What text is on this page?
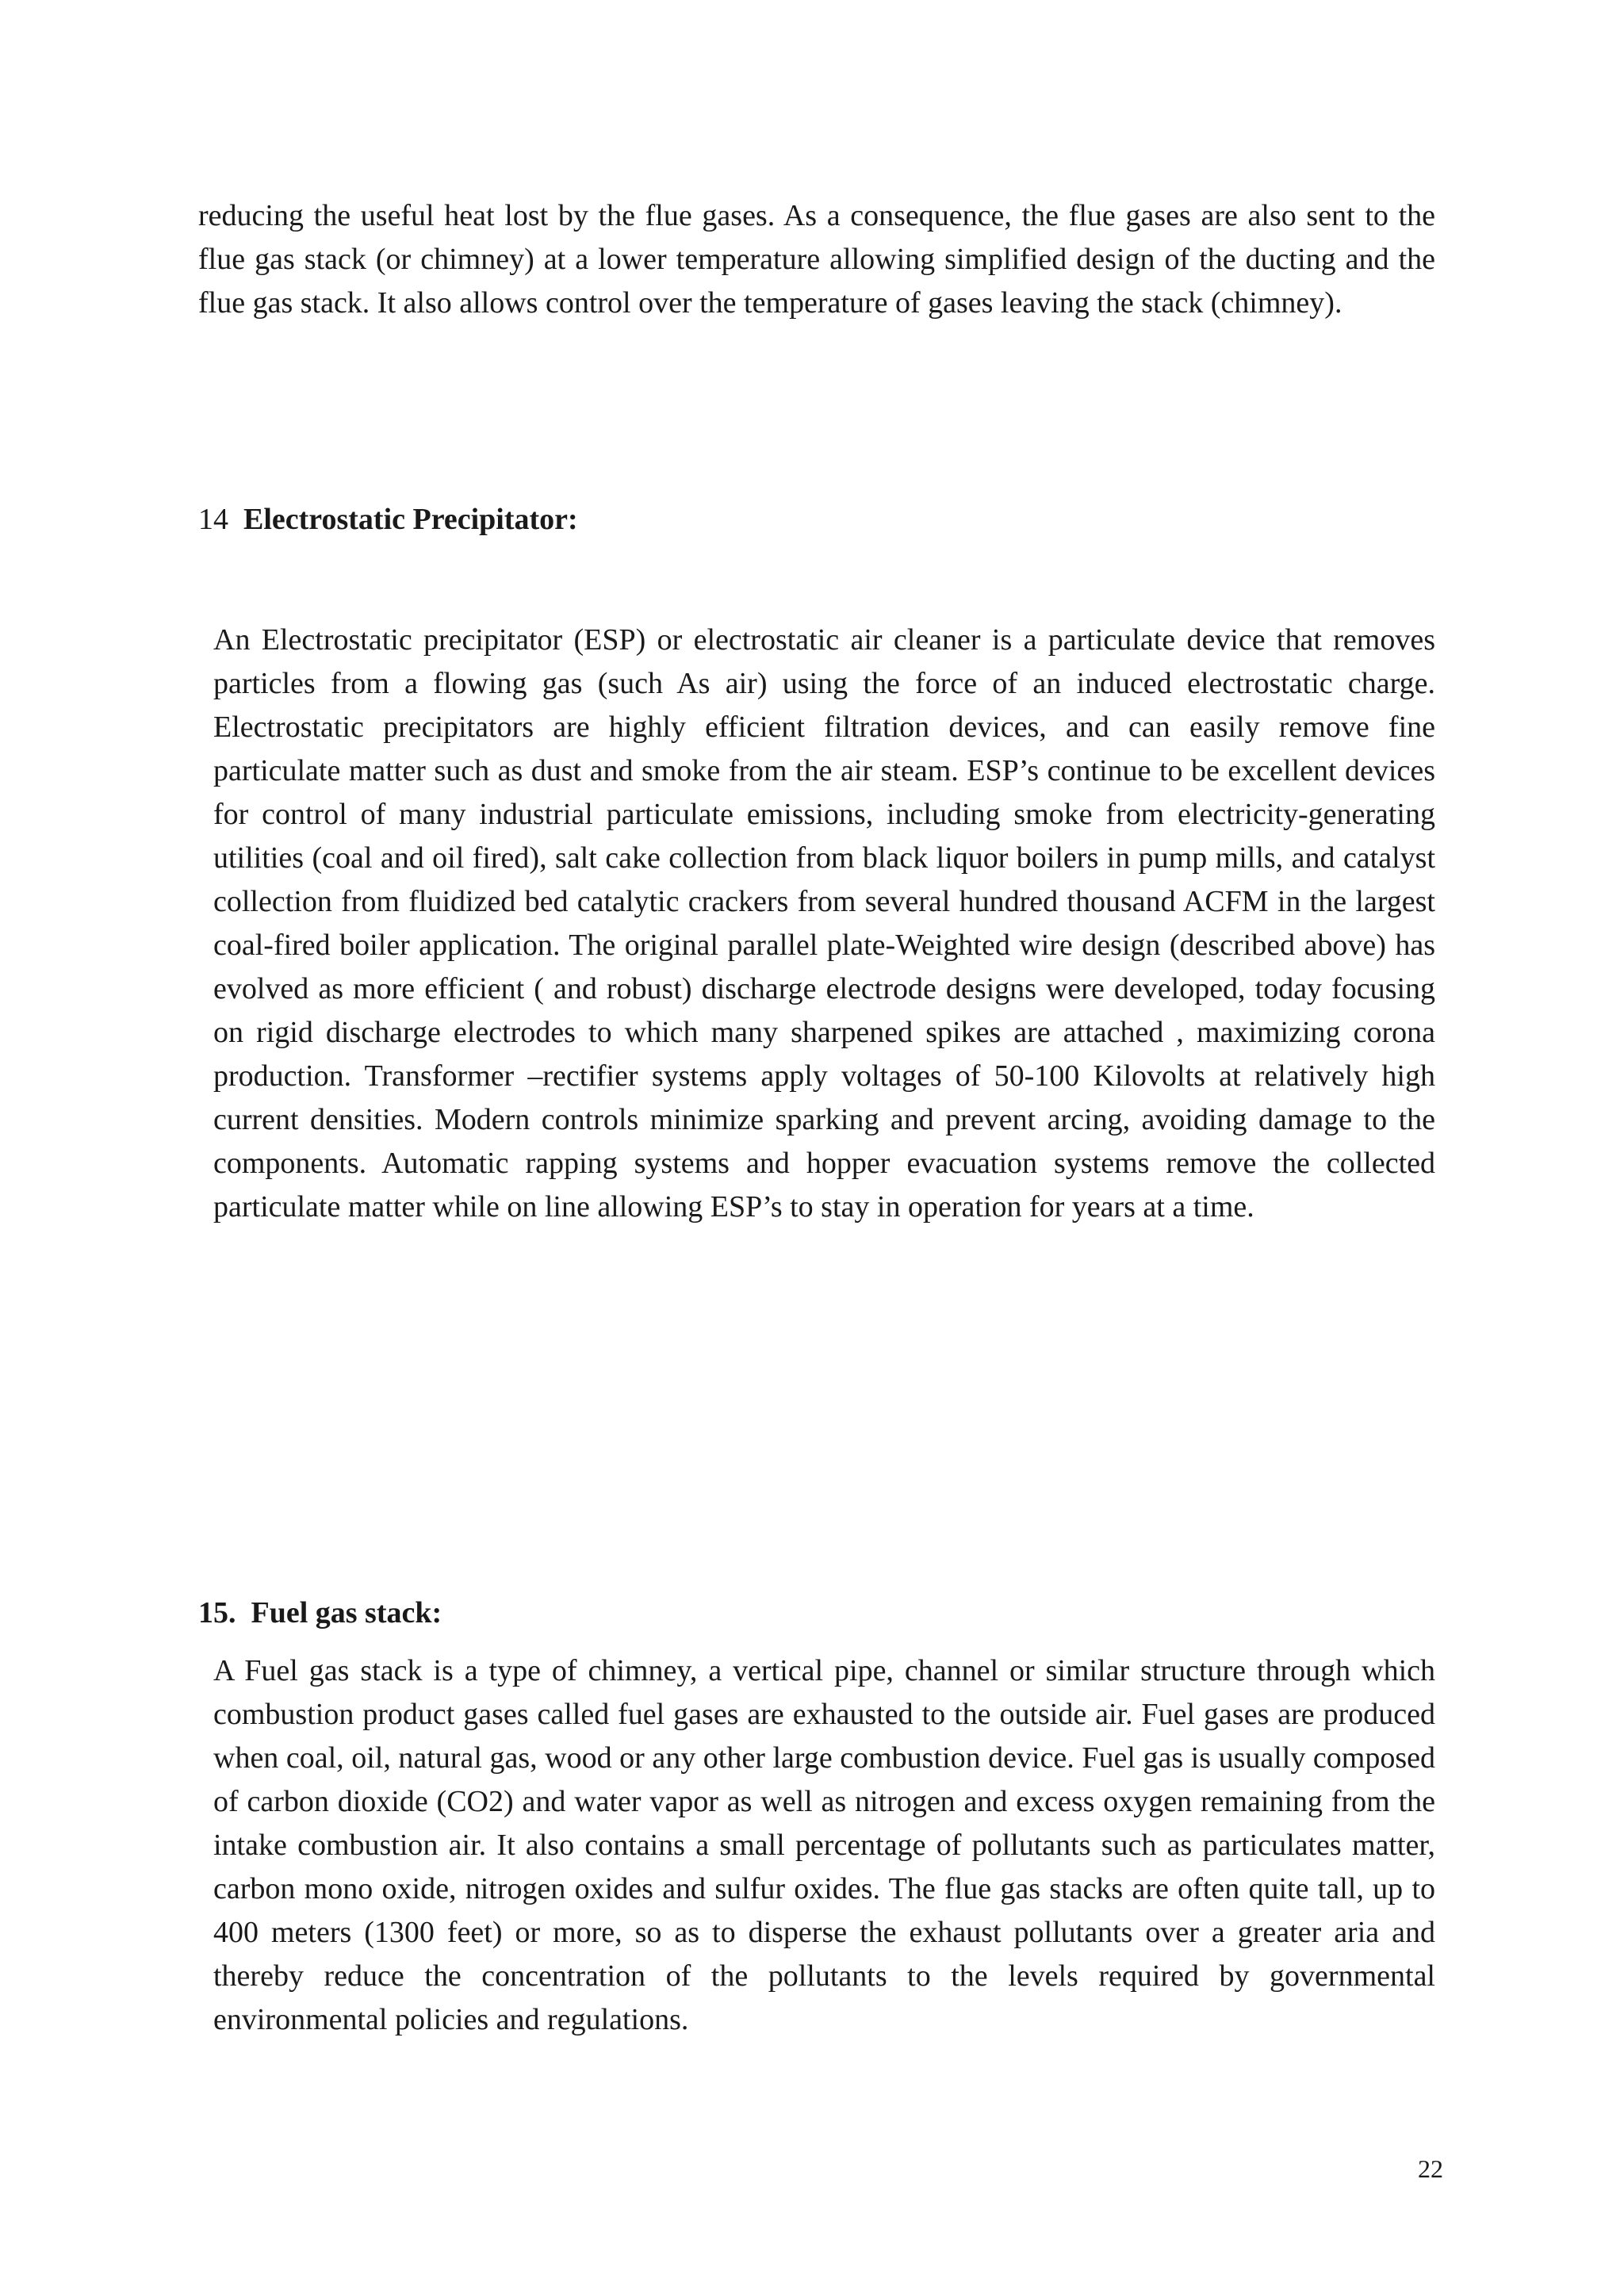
reducing the useful heat lost by the flue gases. As a consequence, the flue gases are also sent to the flue gas stack (or chimney) at a lower temperature allowing simplified design of the ducting and the flue gas stack. It also allows control over the temperature of gases leaving the stack (chimney).

14 Electrostatic Precipitator:

An Electrostatic precipitator (ESP) or electrostatic air cleaner is a particulate device that removes particles from a flowing gas (such As air) using the force of an induced electrostatic charge. Electrostatic precipitators are highly efficient filtration devices, and can easily remove fine particulate matter such as dust and smoke from the air steam. ESP’s continue to be excellent devices for control of many industrial particulate emissions, including smoke from electricity-generating utilities (coal and oil fired), salt cake collection from black liquor boilers in pump mills, and catalyst collection from fluidized bed catalytic crackers from several hundred thousand ACFM in the largest coal-fired boiler application. The original parallel plate-Weighted wire design (described above) has evolved as more efficient ( and robust) discharge electrode designs were developed, today focusing on rigid discharge electrodes to which many sharpened spikes are attached , maximizing corona production. Transformer –rectifier systems apply voltages of 50-100 Kilovolts at relatively high current densities. Modern controls minimize sparking and prevent arcing, avoiding damage to the components. Automatic rapping systems and hopper evacuation systems remove the collected particulate matter while on line allowing ESP’s to stay in operation for years at a time.

15. Fuel gas stack:

A Fuel gas stack is a type of chimney, a vertical pipe, channel or similar structure through which combustion product gases called fuel gases are exhausted to the outside air. Fuel gases are produced when coal, oil, natural gas, wood or any other large combustion device. Fuel gas is usually composed of carbon dioxide (CO2) and water vapor as well as nitrogen and excess oxygen remaining from the intake combustion air. It also contains a small percentage of pollutants such as particulates matter, carbon mono oxide, nitrogen oxides and sulfur oxides. The flue gas stacks are often quite tall, up to 400 meters (1300 feet) or more, so as to disperse the exhaust pollutants over a greater aria and thereby reduce the concentration of the pollutants to the levels required by governmental environmental policies and regulations.

22
